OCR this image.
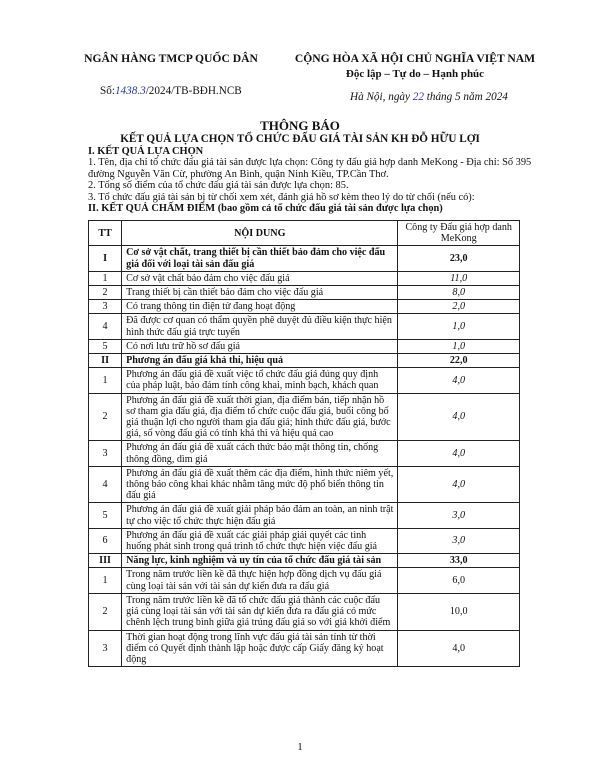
NGÂN HÀNG TMCP QUỐC DÂN	CỘNG HÒA XÃ HỘI CHỦ NGHĨA VIỆT NAM
Độc lập – Tự do – Hạnh phúc
Số:1438.3/2024/TB-BĐH.NCB	Hà Nội, ngày 22 tháng 5 năm 2024
THÔNG BÁO
KẾT QUẢ LỰA CHỌN TỔ CHỨC ĐẤU GIÁ TÀI SẢN KH ĐỖ HỮU LỢI

I. KẾT QUẢ LỰA CHỌN

1. Tên, địa chỉ tổ chức đấu giá tài sản được lựa chọn: Công ty đấu giá hợp danh MeKong - Địa chỉ: Số 395 đường Nguyễn Văn Cừ, phường An Bình, quận Ninh Kiều, TP.Cần Thơ.

2. Tổng số điểm của tổ chức đấu giá tài sản được lựa chọn: 85.

3. Tổ chức đấu giá tài sản bị từ chối xem xét, đánh giá hồ sơ kèm theo lý do từ chối (nếu có):

II. KẾT QUẢ CHẤM ĐIỂM (bao gồm cả tổ chức đấu giá tài sản được lựa chọn)

TT	NỘI DUNG	Công ty Đấu giá hợp danh MeKong
I	Cơ sở vật chất, trang thiết bị cần thiết bảo đảm cho việc đấu giá đối với loại tài sản đấu giá	23,0
1	Cơ sở vật chất bảo đảm cho việc đấu giá	11,0
2	Trang thiết bị cần thiết bảo đảm cho việc đấu giá	8,0
3	Có trang thông tin điện tử đang hoạt động	2,0
4	Đã được cơ quan có thẩm quyền phê duyệt đủ điều kiện thực hiện hình thức đấu giá trực tuyến	1,0
5	Có nơi lưu trữ hồ sơ đấu giá	1,0
II	Phương án đấu giá khả thi, hiệu quả	22,0
1	Phương án đấu giá đề xuất việc tổ chức đấu giá đúng quy định của pháp luật, bảo đảm tính công khai, minh bạch, khách quan	4,0
2	Phương án đấu giá đề xuất thời gian, địa điểm bán, tiếp nhận hồ sơ tham gia đấu giá, địa điểm tổ chức cuộc đấu giá, buổi công bố giá thuận lợi cho người tham gia đấu giá; hình thức đấu giá, bước giá, số vòng đấu giá có tính khả thi và hiệu quả cao	4,0
3	Phương án đấu giá đề xuất cách thức bảo mật thông tin, chống thông đồng, dìm giá	4,0
4	Phương án đấu giá đề xuất thêm các địa điểm, hình thức niêm yết, thông báo công khai khác nhằm tăng mức độ phổ biến thông tin đấu giá	4,0
5	Phương án đấu giá đề xuất giải pháp bảo đảm an toàn, an ninh trật tự cho việc tổ chức thực hiện đấu giá	3,0
6	Phương án đấu giá đề xuất các giải pháp giải quyết các tình huống phát sinh trong quá trình tổ chức thực hiện việc đấu giá	3,0
III	Năng lực, kinh nghiệm và uy tín của tổ chức đấu giá tài sản	33,0
1	Trong năm trước liền kề đã thực hiện hợp đồng dịch vụ đấu giá cùng loại tài sản với tài sản dự kiến đưa ra đấu giá	6,0
2	Trong năm trước liền kề đã tổ chức đấu giá thành các cuộc đấu giá cùng loại tài sản với tài sản dự kiến đưa ra đấu giá có mức chênh lệch trung bình giữa giá trúng đấu giá so với giá khởi điểm	10,0
3	Thời gian hoạt động trong lĩnh vực đấu giá tài sản tính từ thời điểm có Quyết định thành lập hoặc được cấp Giấy đăng ký hoạt động	4,0
1
